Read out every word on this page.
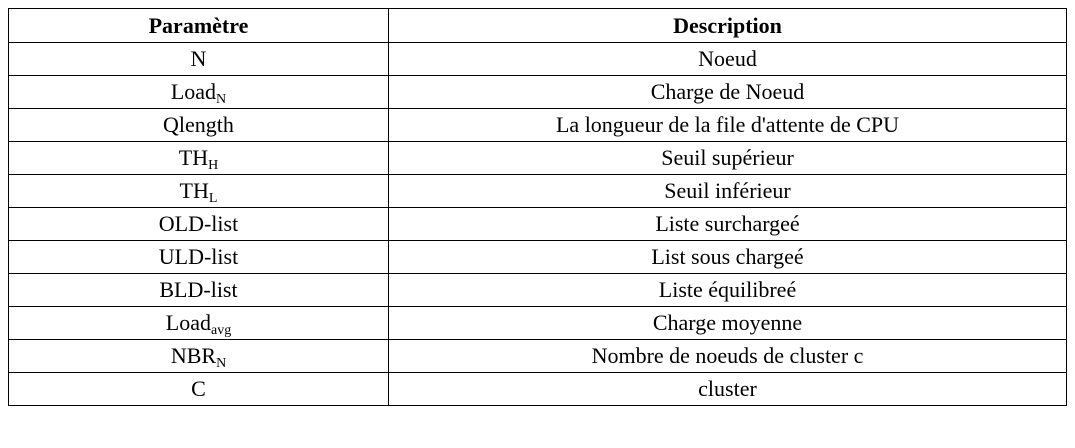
Paramètre	Description
N	Noeud
Load$_N$	Charge de Noeud
Qlength	La longueur de la file d'attente de CPU
$TH_H$	Seuil supérieur
$TH_L$	Seuil inférieur
OLD-list	Liste surchargeé
ULD-list	List sous chargeé
BLD-list	Liste équilibreé
Load$_{avg}$	Charge moyenne
$NBR_N$	Nombre de noeuds de cluster c
C	cluster
